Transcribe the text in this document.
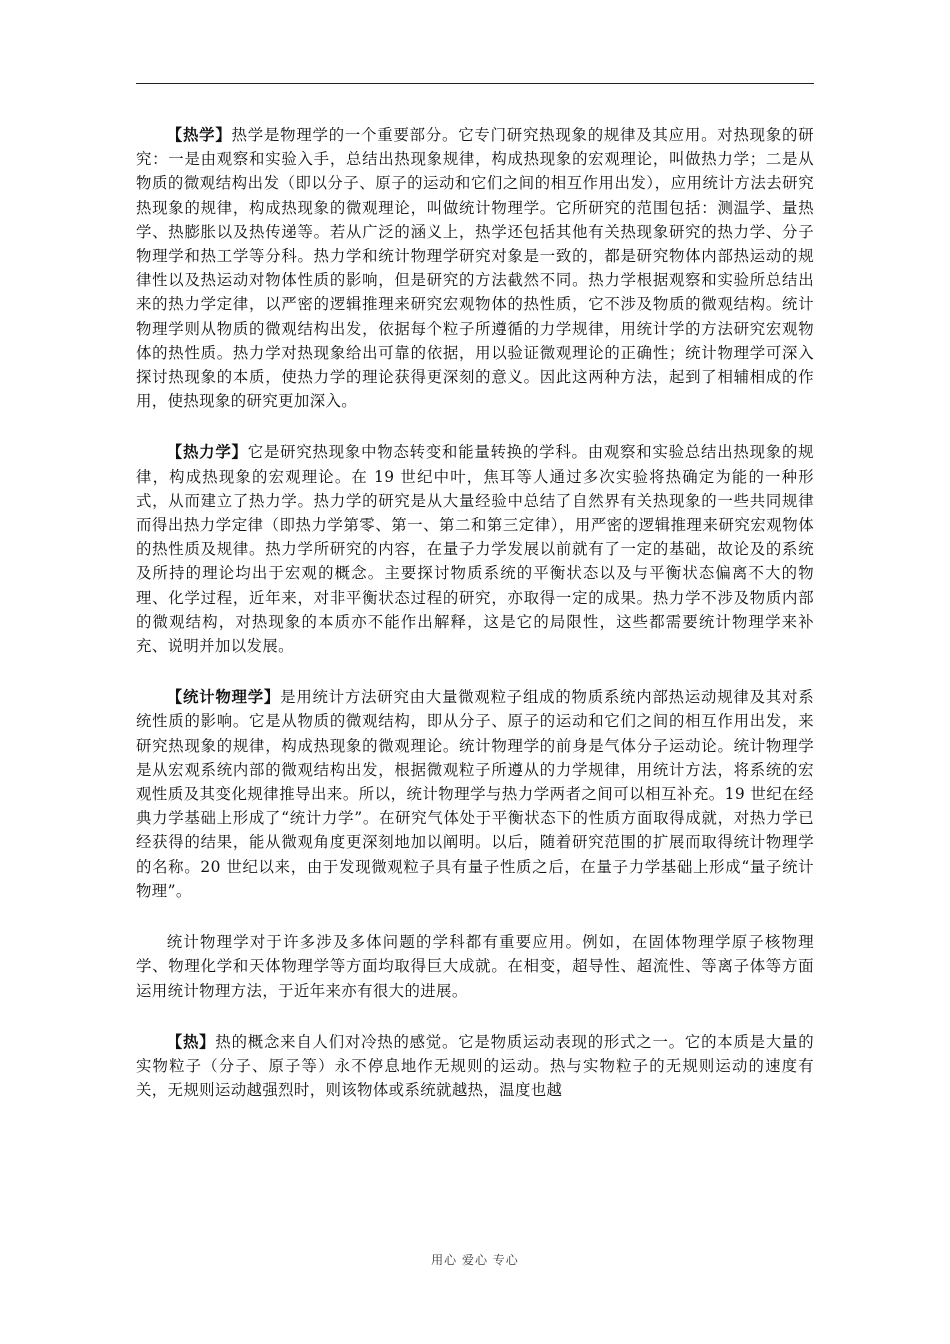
【热学】热学是物理学的一个重要部分。它专门研究热现象的规律及其应用。对热现象的研究：一是由观察和实验入手，总结出热现象规律，构成热现象的宏观理论，叫做热力学；二是从物质的微观结构出发（即以分子、原子的运动和它们之间的相互作用出发），应用统计方法去研究热现象的规律，构成热现象的微观理论，叫做统计物理学。它所研究的范围包括：测温学、量热学、热膨胀以及热传递等。若从广泛的涵义上，热学还包括其他有关热现象研究的热力学、分子物理学和热工学等分科。热力学和统计物理学研究对象是一致的，都是研究物体内部热运动的规律性以及热运动对物体性质的影响，但是研究的方法截然不同。热力学根据观察和实验所总结出来的热力学定律，以严密的逻辑推理来研究宏观物体的热性质，它不涉及物质的微观结构。统计物理学则从物质的微观结构出发，依据每个粒子所遵循的力学规律，用统计学的方法研究宏观物体的热性质。热力学对热现象给出可靠的依据，用以验证微观理论的正确性；统计物理学可深入探讨热现象的本质，使热力学的理论获得更深刻的意义。因此这两种方法，起到了相辅相成的作用，使热现象的研究更加深入。

【热力学】它是研究热现象中物态转变和能量转换的学科。由观察和实验总结出热现象的规律，构成热现象的宏观理论。在 19 世纪中叶，焦耳等人通过多次实验将热确定为能的一种形式，从而建立了热力学。热力学的研究是从大量经验中总结了自然界有关热现象的一些共同规律而得出热力学定律（即热力学第零、第一、第二和第三定律），用严密的逻辑推理来研究宏观物体的热性质及规律。热力学所研究的内容，在量子力学发展以前就有了一定的基础，故论及的系统及所持的理论均出于宏观的概念。主要探讨物质系统的平衡状态以及与平衡状态偏离不大的物理、化学过程，近年来，对非平衡状态过程的研究，亦取得一定的成果。热力学不涉及物质内部的微观结构，对热现象的本质亦不能作出解释，这是它的局限性，这些都需要统计物理学来补充、说明并加以发展。

【统计物理学】是用统计方法研究由大量微观粒子组成的物质系统内部热运动规律及其对系统性质的影响。它是从物质的微观结构，即从分子、原子的运动和它们之间的相互作用出发，来研究热现象的规律，构成热现象的微观理论。统计物理学的前身是气体分子运动论。统计物理学是从宏观系统内部的微观结构出发，根据微观粒子所遵从的力学规律，用统计方法，将系统的宏观性质及其变化规律推导出来。所以，统计物理学与热力学两者之间可以相互补充。19 世纪在经典力学基础上形成了“统计力学”。在研究气体处于平衡状态下的性质方面取得成就，对热力学已经获得的结果，能从微观角度更深刻地加以阐明。以后，随着研究范围的扩展而取得统计物理学的名称。20 世纪以来，由于发现微观粒子具有量子性质之后，在量子力学基础上形成“量子统计物理”。

统计物理学对于许多涉及多体问题的学科都有重要应用。例如，在固体物理学原子核物理学、物理化学和天体物理学等方面均取得巨大成就。在相变，超导性、超流性、等离子体等方面运用统计物理方法，于近年来亦有很大的进展。

【热】热的概念来自人们对冷热的感觉。它是物质运动表现的形式之一。它的本质是大量的实物粒子（分子、原子等）永不停息地作无规则的运动。热与实物粒子的无规则运动的速度有关，无规则运动越强烈时，则该物体或系统就越热，温度也越

用心 爱心 专心
